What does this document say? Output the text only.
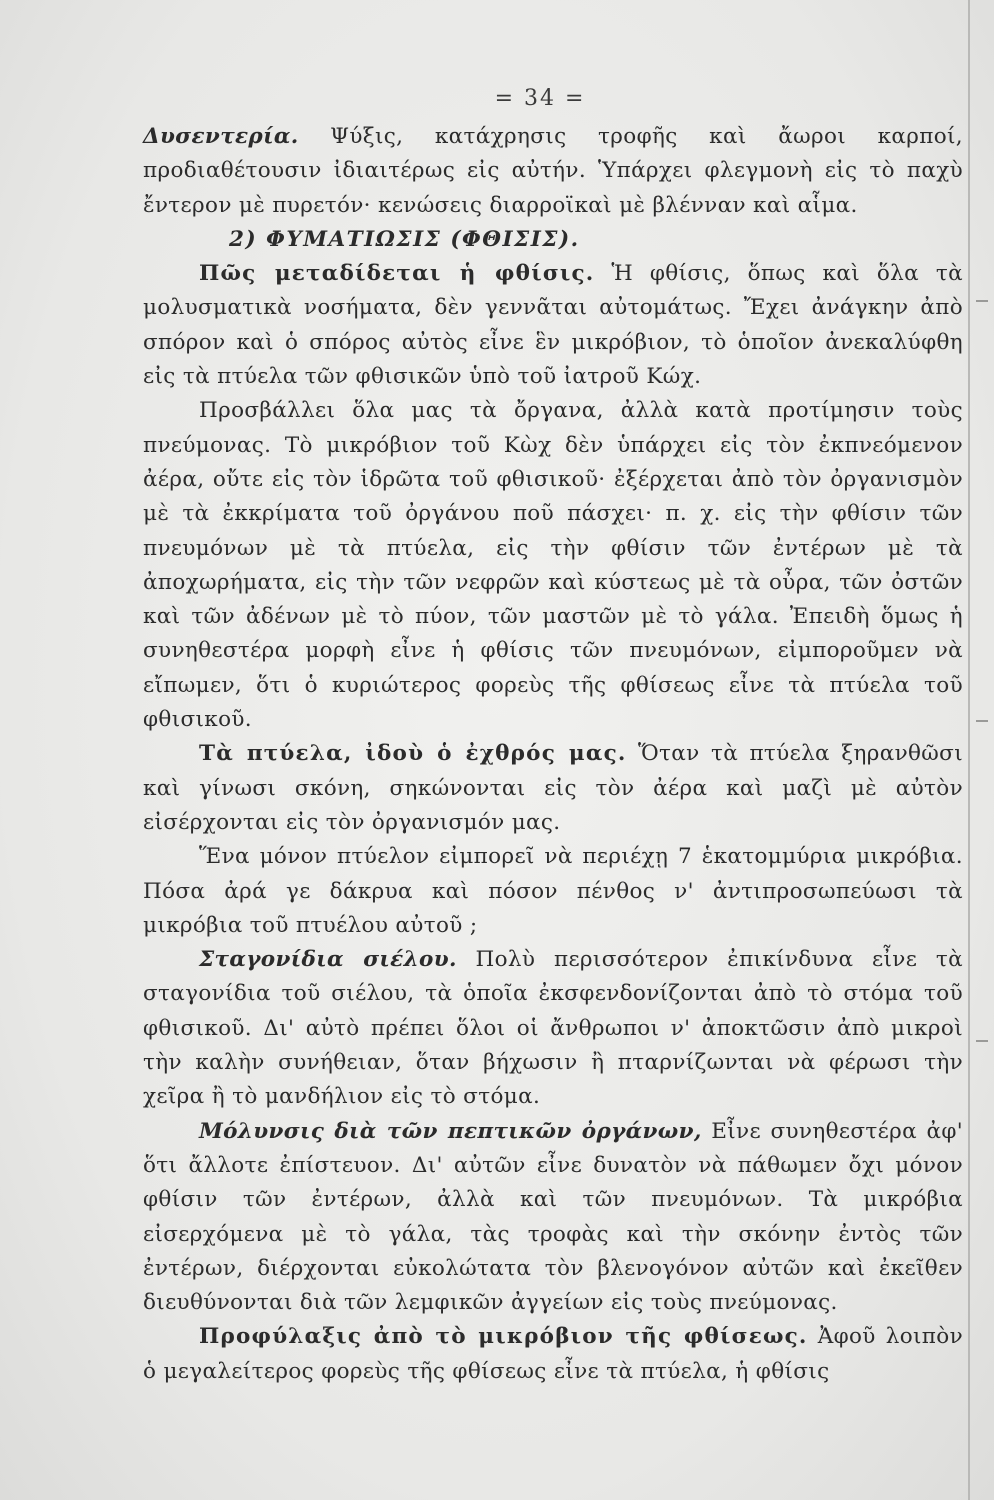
= 34 =

Δυσεντερία. Ψύξις, κατάχρησις τροφῆς καὶ ἄωροι καρποί, προδιαθέτουσιν ἰδιαιτέρως εἰς αὐτήν. Ὑπάρχει φλεγμονὴ εἰς τὸ παχὺ ἔντερον μὲ πυρετόν· κενώσεις διαρροϊκαὶ μὲ βλένναν καὶ αἷμα.

2) ΦΥΜΑΤΙΩΣΙΣ (ΦΘΙΣΙΣ).

Πῶς μεταδίδεται ἡ φθίσις. Ἡ φθίσις, ὅπως καὶ ὅλα τὰ μολυσματικὰ νοσήματα, δὲν γεννᾶται αὐτομάτως. Ἔχει ἀνάγκην ἀπὸ σπόρον καὶ ὁ σπόρος αὐτὸς εἶνε ἓν μικρόβιον, τὸ ὁποῖον ἀνεκαλύφθη εἰς τὰ πτύελα τῶν φθισικῶν ὑπὸ τοῦ ἰατροῦ Κώχ.

Προσβάλλει ὅλα μας τὰ ὄργανα, ἀλλὰ κατὰ προτίμησιν τοὺς πνεύμονας. Τὸ μικρόβιον τοῦ Κὼχ δὲν ὑπάρχει εἰς τὸν ἐκπνεόμενον ἀέρα, οὔτε εἰς τὸν ἱδρῶτα τοῦ φθισικοῦ· ἐξέρχεται ἀπὸ τὸν ὀργανισμὸν μὲ τὰ ἐκκρίματα τοῦ ὀργάνου ποῦ πάσχει· π. χ. εἰς τὴν φθίσιν τῶν πνευμόνων μὲ τὰ πτύελα, εἰς τὴν φθίσιν τῶν ἐντέρων μὲ τὰ ἀποχωρήματα, εἰς τὴν τῶν νεφρῶν καὶ κύστεως μὲ τὰ οὖρα, τῶν ὀστῶν καὶ τῶν ἀδένων μὲ τὸ πύον, τῶν μαστῶν μὲ τὸ γάλα. Ἐπειδὴ ὅμως ἡ συνηθεστέρα μορφὴ εἶνε ἡ φθίσις τῶν πνευμόνων, εἰμποροῦμεν νὰ εἴπωμεν, ὅτι ὁ κυριώτερος φορεὺς τῆς φθίσεως εἶνε τὰ πτύελα τοῦ φθισικοῦ.

Τὰ πτύελα, ἰδοὺ ὁ ἐχθρός μας. Ὅταν τὰ πτύελα ξηρανθῶσι καὶ γίνωσι σκόνη, σηκώνονται εἰς τὸν ἀέρα καὶ μαζὶ μὲ αὐτὸν εἰσέρχονται εἰς τὸν ὀργανισμόν μας.

Ἕνα μόνον πτύελον εἰμπορεῖ νὰ περιέχῃ 7 ἑκατομμύρια μικρόβια. Πόσα ἀρά γε δάκρυα καὶ πόσον πένθος ν' ἀντιπροσωπεύωσι τὰ μικρόβια τοῦ πτυέλου αὐτοῦ ;

Σταγονίδια σιέλου. Πολὺ περισσότερον ἐπικίνδυνα εἶνε τὰ σταγονίδια τοῦ σιέλου, τὰ ὁποῖα ἐκσφενδονίζονται ἀπὸ τὸ στόμα τοῦ φθισικοῦ. Δι' αὐτὸ πρέπει ὅλοι οἱ ἄνθρωποι ν' ἀποκτῶσιν ἀπὸ μικροὶ τὴν καλὴν συνήθειαν, ὅταν βήχωσιν ἢ πταρνίζωνται νὰ φέρωσι τὴν χεῖρα ἢ τὸ μανδήλιον εἰς τὸ στόμα.

Μόλυνσις διὰ τῶν πεπτικῶν ὀργάνων, Εἶνε συνηθεστέρα ἀφ' ὅτι ἄλλοτε ἐπίστευον. Δι' αὐτῶν εἶνε δυνατὸν νὰ πάθωμεν ὄχι μόνον φθίσιν τῶν ἐντέρων, ἀλλὰ καὶ τῶν πνευμόνων. Τὰ μικρόβια εἰσερχόμενα μὲ τὸ γάλα, τὰς τροφὰς καὶ τὴν σκόνην ἐντὸς τῶν ἐντέρων, διέρχονται εὐκολώτατα τὸν βλενογόνον αὐτῶν καὶ ἐκεῖθεν διευθύνονται διὰ τῶν λεμφικῶν ἀγγείων εἰς τοὺς πνεύμονας.

Προφύλαξις ἀπὸ τὸ μικρόβιον τῆς φθίσεως. Ἀφοῦ λοιπὸν ὁ μεγαλείτερος φορεὺς τῆς φθίσεως εἶνε τὰ πτύελα, ἡ φθίσις
